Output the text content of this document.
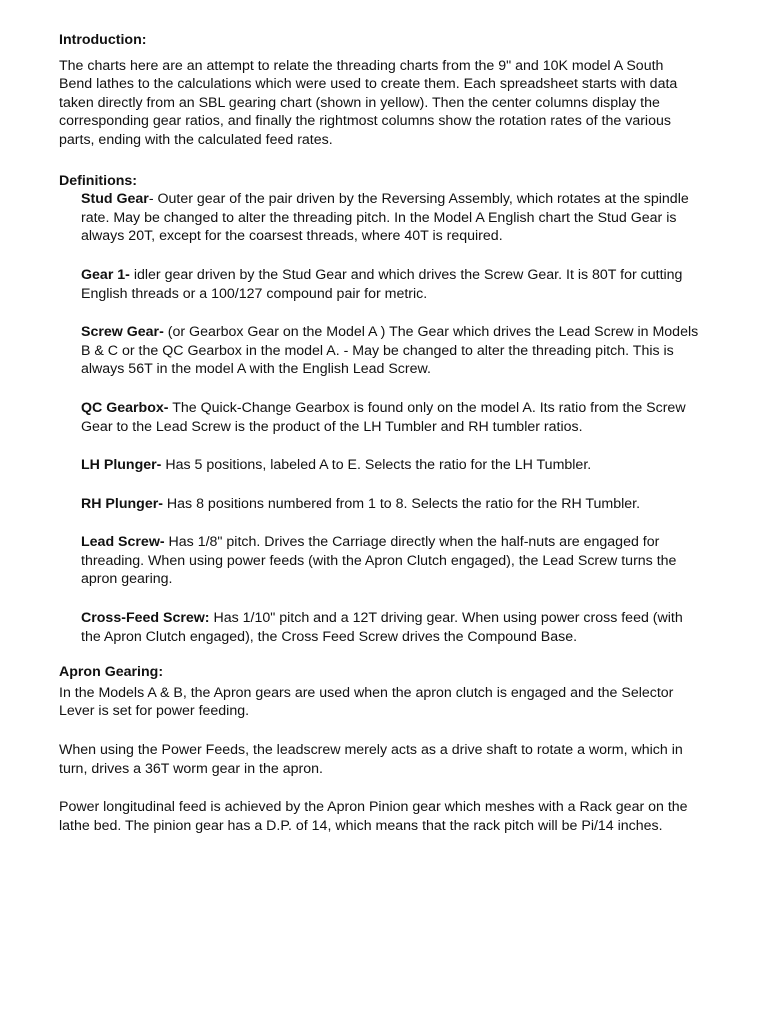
Introduction:

The charts here are an attempt to relate the threading charts from the 9" and 10K model A South Bend lathes to the calculations which were used to create them. Each spreadsheet starts with data taken directly from an SBL gearing chart (shown in yellow). Then the center columns display the corresponding gear ratios, and finally the rightmost columns show the rotation rates of the various parts, ending with the calculated feed rates.

Definitions:

Stud Gear- Outer gear of the pair driven by the Reversing Assembly, which rotates at the spindle rate. May be changed to alter the threading pitch. In the Model A English chart the Stud Gear is always 20T, except for the coarsest threads, where 40T is required.

Gear 1- idler gear driven by the Stud Gear and which drives the Screw Gear. It is 80T for cutting English threads or a 100/127 compound pair for metric.

Screw Gear- (or Gearbox Gear on the Model A ) The Gear which drives the Lead Screw in Models B & C or the QC Gearbox in the model A. - May be changed to alter the threading pitch. This is always 56T in the model A with the English Lead Screw.

QC Gearbox- The Quick-Change Gearbox is found only on the model A. Its ratio from the Screw Gear to the Lead Screw is the product of the LH Tumbler and RH tumbler ratios.

LH Plunger- Has 5 positions, labeled A to E. Selects the ratio for the LH Tumbler.

RH Plunger- Has 8 positions numbered from 1 to 8. Selects the ratio for the RH Tumbler.

Lead Screw- Has 1/8" pitch. Drives the Carriage directly when the half-nuts are engaged for threading. When using power feeds (with the Apron Clutch engaged), the Lead Screw turns the apron gearing.

Cross-Feed Screw: Has 1/10" pitch and a 12T driving gear. When using power cross feed (with the Apron Clutch engaged), the Cross Feed Screw drives the Compound Base.

Apron Gearing:

In the Models A & B, the Apron gears are used when the apron clutch is engaged and the Selector Lever is set for power feeding.

When using the Power Feeds, the leadscrew merely acts as a drive shaft to rotate a worm, which in turn, drives a 36T worm gear in the apron.

Power longitudinal feed is achieved by the Apron Pinion gear which meshes with a Rack gear on the lathe bed. The pinion gear has a D.P. of 14, which means that the rack pitch will be Pi/14 inches.
